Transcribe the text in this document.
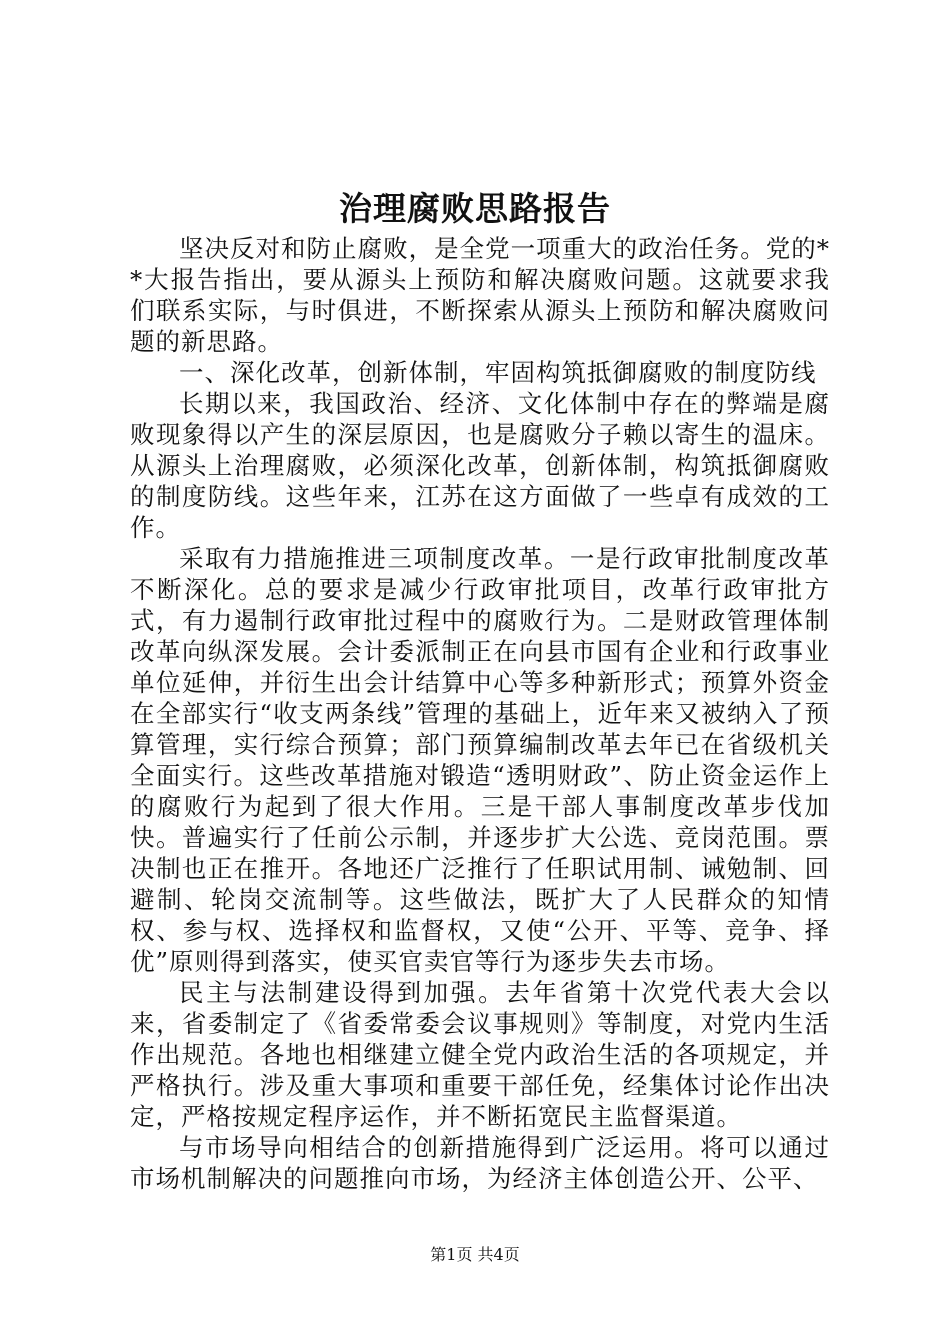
治理腐败思路报告

坚决反对和防止腐败，是全党一项重大的政治任务。党的**大报告指出，要从源头上预防和解决腐败问题。这就要求我们联系实际，与时俱进，不断探索从源头上预防和解决腐败问题的新思路。

一、深化改革，创新体制，牢固构筑抵御腐败的制度防线

长期以来，我国政治、经济、文化体制中存在的弊端是腐败现象得以产生的深层原因，也是腐败分子赖以寄生的温床。从源头上治理腐败，必须深化改革，创新体制，构筑抵御腐败的制度防线。这些年来，江苏在这方面做了一些卓有成效的工作。

采取有力措施推进三项制度改革。一是行政审批制度改革不断深化。总的要求是减少行政审批项目，改革行政审批方式，有力遏制行政审批过程中的腐败行为。二是财政管理体制改革向纵深发展。会计委派制正在向县市国有企业和行政事业单位延伸，并衍生出会计结算中心等多种新形式；预算外资金在全部实行“收支两条线”管理的基础上，近年来又被纳入了预算管理，实行综合预算；部门预算编制改革去年已在省级机关全面实行。这些改革措施对锻造“透明财政”、防止资金运作上的腐败行为起到了很大作用。三是干部人事制度改革步伐加快。普遍实行了任前公示制，并逐步扩大公选、竞岗范围。票决制也正在推开。各地还广泛推行了任职试用制、诫勉制、回避制、轮岗交流制等。这些做法，既扩大了人民群众的知情权、参与权、选择权和监督权，又使“公开、平等、竞争、择优”原则得到落实，使买官卖官等行为逐步失去市场。

民主与法制建设得到加强。去年省第十次党代表大会以来，省委制定了《省委常委会议事规则》等制度，对党内生活作出规范。各地也相继建立健全党内政治生活的各项规定，并严格执行。涉及重大事项和重要干部任免，经集体讨论作出决定，严格按规定程序运作，并不断拓宽民主监督渠道。

与市场导向相结合的创新措施得到广泛运用。将可以通过市场机制解决的问题推向市场，为经济主体创造公开、公平、

第1页 共4页
